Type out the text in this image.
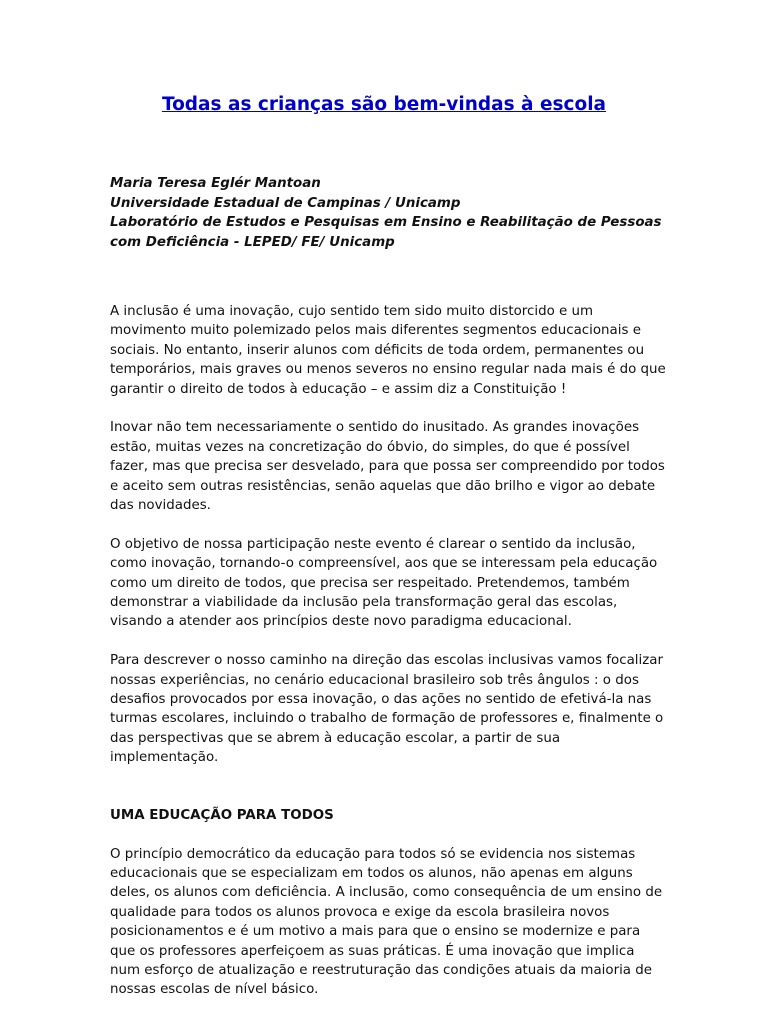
Todas as crianças são bem-vindas à escola
Maria Teresa Eglér Mantoan
Universidade Estadual de Campinas / Unicamp
Laboratório de Estudos e Pesquisas em Ensino e Reabilitação de Pessoas
com Deficiência - LEPED/ FE/ Unicamp

A inclusão é uma inovação, cujo sentido tem sido muito distorcido e um movimento muito polemizado pelos mais diferentes segmentos educacionais e sociais. No entanto, inserir alunos com déficits de toda ordem, permanentes ou temporários, mais graves ou menos severos no ensino regular nada mais é do que garantir o direito de todos à educação – e assim diz a Constituição !

Inovar não tem necessariamente o sentido do inusitado. As grandes inovações estão, muitas vezes na concretização do óbvio, do simples, do que é possível fazer, mas que precisa ser desvelado, para que possa ser compreendido por todos e aceito sem outras resistências, senão aquelas que dão brilho e vigor ao debate das novidades.

O objetivo de nossa participação neste evento é clarear o sentido da inclusão, como inovação, tornando-o compreensível, aos que se interessam pela educação como um direito de todos, que precisa ser respeitado. Pretendemos, também demonstrar a viabilidade da inclusão pela transformação geral das escolas, visando a atender aos princípios deste novo paradigma educacional.

Para descrever o nosso caminho na direção das escolas inclusivas vamos focalizar nossas experiências, no cenário educacional brasileiro sob três ângulos : o dos desafios provocados por essa inovação, o das ações no sentido de efetivá-la nas turmas escolares, incluindo o trabalho de formação de professores e, finalmente o das perspectivas que se abrem à educação escolar, a partir de sua implementação.

UMA EDUCAÇÃO PARA TODOS

O princípio democrático da educação para todos só se evidencia nos sistemas educacionais que se especializam em todos os alunos, não apenas em alguns deles, os alunos com deficiência. A inclusão, como consequência de um ensino de qualidade para todos os alunos provoca e exige da escola brasileira novos posicionamentos e é um motivo a mais para que o ensino se modernize e para que os professores aperfeiçoem as suas práticas. É uma inovação que implica num esforço de atualização e reestruturação das condições atuais da maioria de nossas escolas de nível básico.
